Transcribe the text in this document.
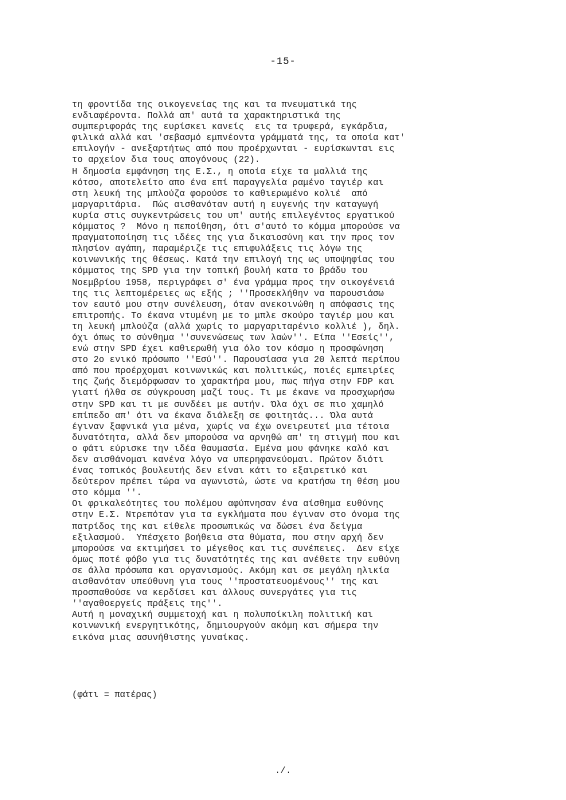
-15-
τη φροντίδα της οικογενείας της και τα πνευματικά της
ενδιαφέροντα. Πολλά απ' αυτά τα χαρακτηριστικά της
συμπεριφοράς της ευρίσκει κανείς  εις τα τρυφερά, εγκάρδια,
φιλικά αλλά και 'σεβασμό εμπνέοντα γράμματά της, τα οποία κατ'
επιλογήν - ανεξαρτήτως από που προέρχωνται - ευρίσκωνται εις
το αρχείον δια τους απογόνους (22).
Η δημοσία εμφάνηση της Ε.Σ., η οποία είχε τα μαλλιά της
κότσο, αποτελείτο απο ένα επί παραγγελία ραμένο ταγιέρ και
στη λευκή της μπλούζα φορούσε το καθιερωμένο κολιέ  από
μαργαριτάρια.  Πώς αισθανόταν αυτή η ευγενής την καταγωγή
κυρία στις συγκεντρώσεις του υπ' αυτής επιλεγέντος εργατικού
κόμματος ?  Μόνο η πεποίθηση, ότι σ'αυτό το κόμμα μπορούσε να
πραγματοποίηση τις ιδέες της για δικαιοσύνη και την προς τον
πλησίον αγάπη, παραμέριζε τις επιφυλάξεις τις λόγω της
κοινωνικής της θέσεως. Κατά την επιλογή της ως υποψηφίας του
κόμματος της SPD για την τοπική βουλή κατα το βράδυ του
Νοεμβρίου 1958, περιγράφει σ' ένα γράμμα προς την οικογένειά
της τις λεπτομέρειες ως εξής ; ''Προσεκλήθην να παρουσιάσω
τον εαυτό μου στην συνέλευση, όταν ανεκοινώθη η απόφασις της
επιτροπής. Το έκανα ντυμένη με το μπλε σκούρο ταγιέρ μου και
τη λευκή μπλούζα (αλλά χωρίς το μαργαριταρένιο κολλιέ ), δηλ.
όχι όπως το σύνθημα ''συνενώσεως των λαών''. Είπα ''Εσείς'',
ενώ στην SPD έχει καθιερωθή για όλο τον κόσμο η προσφώνηση
στο 2ο ενικό πρόσωπο ''Εσύ''. Παρουσίασα για 20 λεπτά περίπου
από που προέρχομαι κοινωνικώς και πολιτικώς, ποιές εμπειρίες
της ζωής διεμόρφωσαν το χαρακτήρα μου, πως πήγα στην FDP και
γιατί ήλθα σε σύγκρουση μαζί τους. Τι με έκανε να προσχωρήσω
στην SPD και τι με συνδέει με αυτήν. Όλα όχι σε πιο χαμηλό
επίπεδο απ' ότι να έκανα διάλεξη σε φοιτητάς... Όλα αυτά
έγιναν ξαφνικά για μένα, χωρίς να έχω ονειρευτεί μια τέτοια
δυνατότητα, αλλά δεν μπορούσα να αρνηθώ απ' τη στιγμή που και
ο φάτι εύρισκε την ιδέα θαυμασία. Εμένα μου φάνηκε καλό και
δεν αισθάνομαι κανένα λόγο να υπερηφανεύομαι. Πρώτον διότι
ένας τοπικός βουλευτής δεν είναι κάτι το εξαιρετικό και
δεύτερον πρέπει τώρα να αγωνιστώ, ώστε να κρατήσω τη θέση μου
στο κόμμα ''.
Οι φρικαλεότητες του πολέμου αφύπνησαν ένα αίσθημα ευθύνης
στην Ε.Σ. Ντρεπόταν για τα εγκλήματα που έγιναν στο όνομα της
πατρίδος της και είθελε προσωπικώς να δώσει ένα δείγμα
εξιλασμού.  Υπέσχετο βοήθεια στα θύματα, που στην αρχή δεν
μπορούσε να εκτιμήσει το μέγεθος και τις συνέπειες.  Δεν είχε
όμως ποτέ φόβο για τις δυνατότητές της και ανέθετε την ευθύνη
σε άλλα πρόσωπα και οργανισμούς. Ακόμη και σε μεγάλη ηλικία
αισθανόταν υπεύθυνη για τους ''προστατευομένους'' της και
προσπαθούσε να κερδίσει και άλλους συνεργάτες για τις
''αγαθοεργείς πράξεις της''.
Αυτή η μοναχική συμμετοχή και η πολυποίκιλη πολιτική και
κοινωνική ενεργητικότης, δημιουργούν ακόμη και σήμερα την
εικόνα μιας ασυνήθιστης γυναίκας.
(φάτι = πατέρας)
./.
